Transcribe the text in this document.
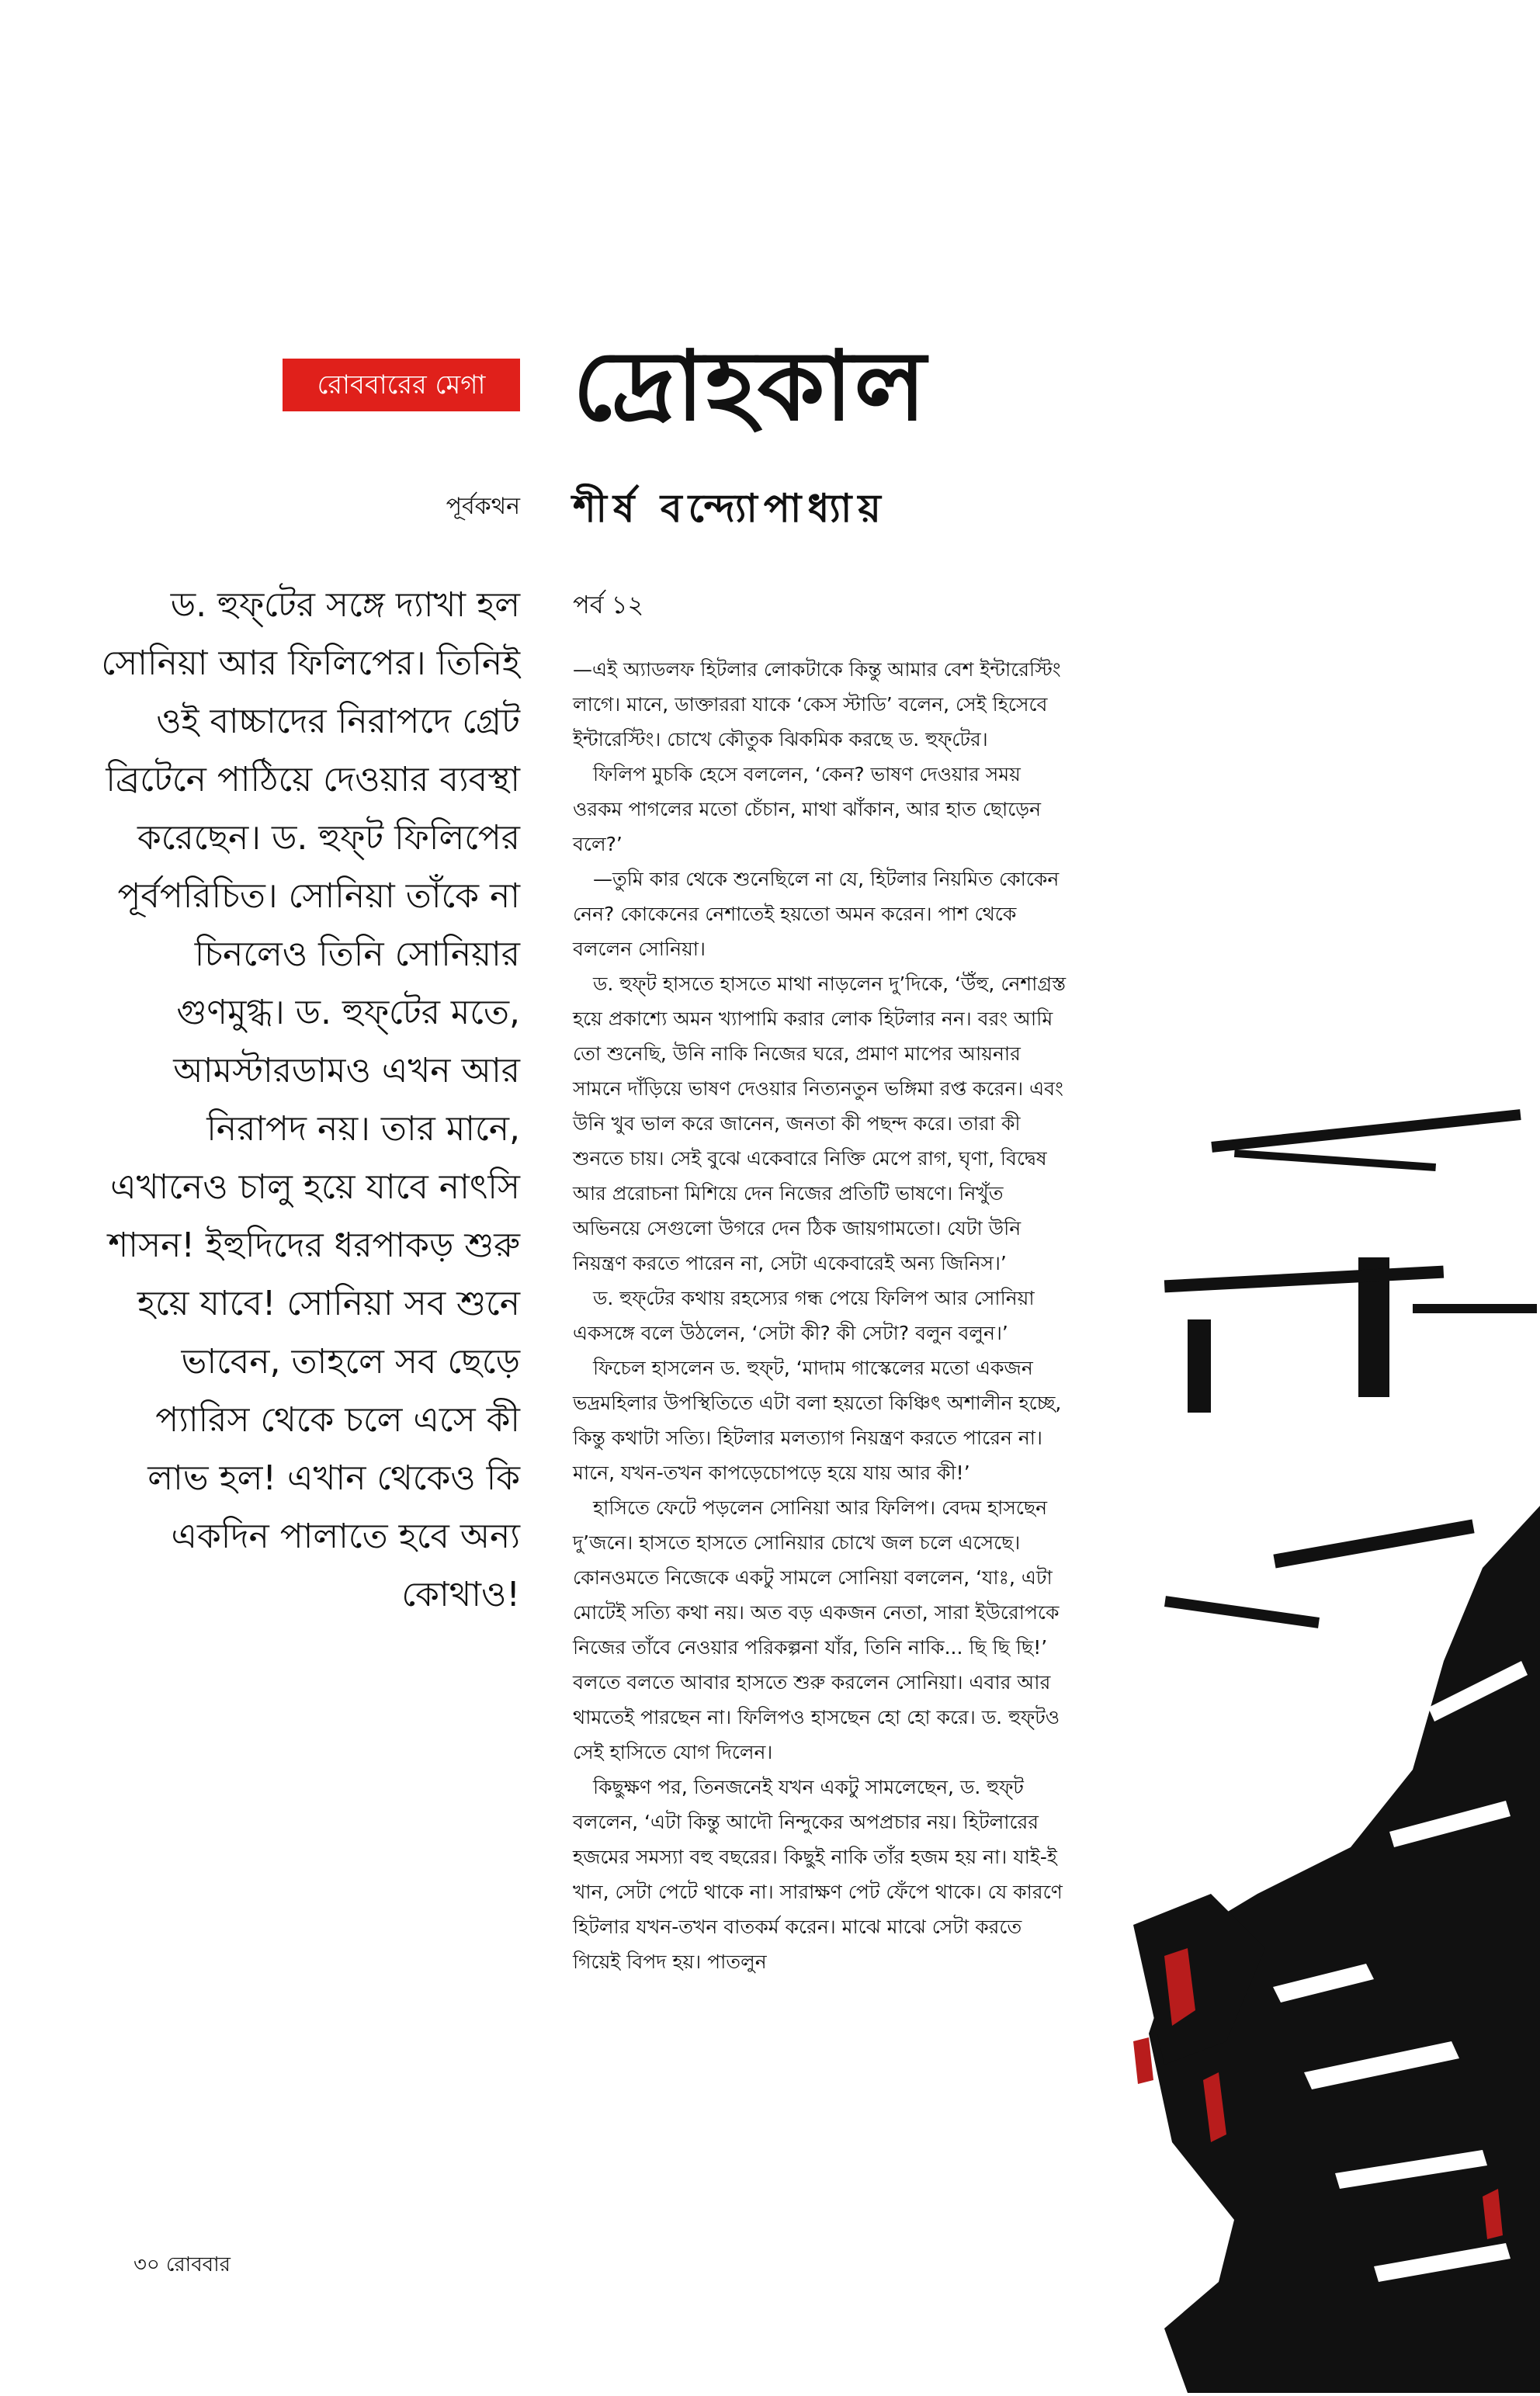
রোববারের মেগা দ্রোহকাল
পূর্বকথন শীর্ষ বন্দ্যোপাধ্যায়
ড. হুফ্‌টের সঙ্গে দ্যাখা হল সোনিয়া আর ফিলিপের। তিনিই ওই বাচ্চাদের নিরাপদে গ্রেট ব্রিটেনে পাঠিয়ে দেওয়ার ব্যবস্থা করেছেন। ড. হুফ্‌ট ফিলিপের পূর্বপরিচিত। সোনিয়া তাঁকে না চিনলেও তিনি সোনিয়ার গুণমুগ্ধ। ড. হুফ্‌টের মতে, আমস্টারডামও এখন আর নিরাপদ নয়। তার মানে, এখানেও চালু হয়ে যাবে নাৎসি শাসন! ইহুদিদের ধরপাকড় শুরু হয়ে যাবে! সোনিয়া সব শুনে ভাবেন, তাহলে সব ছেড়ে প্যারিস থেকে চলে এসে কী লাভ হল! এখান থেকেও কি একদিন পালাতে হবে অন্য কোথাও!
পর্ব ১২

—এই অ্যাডলফ হিটলার লোকটাকে কিন্তু আমার বেশ ইন্টারেস্টিং লাগে। মানে, ডাক্তাররা যাকে ‘কেস স্টাডি’ বলেন, সেই হিসেবে ইন্টারেস্টিং। চোখে কৌতুক ঝিকমিক করছে ড. হুফ্‌টের।

ফিলিপ মুচকি হেসে বললেন, ‘কেন? ভাষণ দেওয়ার সময় ওরকম পাগলের মতো চেঁচান, মাথা ঝাঁকান, আর হাত ছোড়েন বলে?’

—তুমি কার থেকে শুনেছিলে না যে, হিটলার নিয়মিত কোকেন নেন? কোকেনের নেশাতেই হয়তো অমন করেন। পাশ থেকে বললেন সোনিয়া।

ড. হুফ্‌ট হাসতে হাসতে মাথা নাড়লেন দু’দিকে, ‘উঁহু, নেশাগ্রস্ত হয়ে প্রকাশ্যে অমন খ্যাপামি করার লোক হিটলার নন। বরং আমি তো শুনেছি, উনি নাকি নিজের ঘরে, প্রমাণ মাপের আয়নার সামনে দাঁড়িয়ে ভাষণ দেওয়ার নিত্যনতুন ভঙ্গিমা রপ্ত করেন। এবং উনি খুব ভাল করে জানেন, জনতা কী পছন্দ করে। তারা কী শুনতে চায়। সেই বুঝে একেবারে নিক্তি মেপে রাগ, ঘৃণা, বিদ্বেষ আর প্ররোচনা মিশিয়ে দেন নিজের প্রতিটি ভাষণে। নিখুঁত অভিনয়ে সেগুলো উগরে দেন ঠিক জায়গামতো। যেটা উনি নিয়ন্ত্রণ করতে পারেন না, সেটা একেবারেই অন্য জিনিস।’

ড. হুফ্‌টের কথায় রহস্যের গন্ধ পেয়ে ফিলিপ আর সোনিয়া একসঙ্গে বলে উঠলেন, ‘সেটা কী? কী সেটা? বলুন বলুন।’

ফিচেল হাসলেন ড. হুফ্‌ট, ‘মাদাম গাস্কেলের মতো একজন ভদ্রমহিলার উপস্থিতিতে এটা বলা হয়তো কিঞ্চিৎ অশালীন হচ্ছে, কিন্তু কথাটা সত্যি। হিটলার মলত্যাগ নিয়ন্ত্রণ করতে পারেন না। মানে, যখন-তখন কাপড়েচোপড়ে হয়ে যায় আর কী!’

হাসিতে ফেটে পড়লেন সোনিয়া আর ফিলিপ। বেদম হাসছেন দু’জনে। হাসতে হাসতে সোনিয়ার চোখে জল চলে এসেছে। কোনওমতে নিজেকে একটু সামলে সোনিয়া বললেন, ‘যাঃ, এটা মোটেই সত্যি কথা নয়। অত বড় একজন নেতা, সারা ইউরোপকে নিজের তাঁবে নেওয়ার পরিকল্পনা যাঁর, তিনি নাকি... ছি ছি ছি!’ বলতে বলতে আবার হাসতে শুরু করলেন সোনিয়া। এবার আর থামতেই পারছেন না। ফিলিপও হাসছেন হো হো করে। ড. হুফ্‌টও সেই হাসিতে যোগ দিলেন।

কিছুক্ষণ পর, তিনজনেই যখন একটু সামলেছেন, ড. হুফ্‌ট বললেন, ‘এটা কিন্তু আদৌ নিন্দুকের অপপ্রচার নয়। হিটলারের হজমের সমস্যা বহু বছরের। কিছুই নাকি তাঁর হজম হয় না। যাই-ই খান, সেটা পেটে থাকে না। সারাক্ষণ পেট ফেঁপে থাকে। যে কারণে হিটলার যখন-তখন বাতকর্ম করেন। মাঝে মাঝে সেটা করতে গিয়েই বিপদ হয়। পাতলুন

৩০ রোববার
